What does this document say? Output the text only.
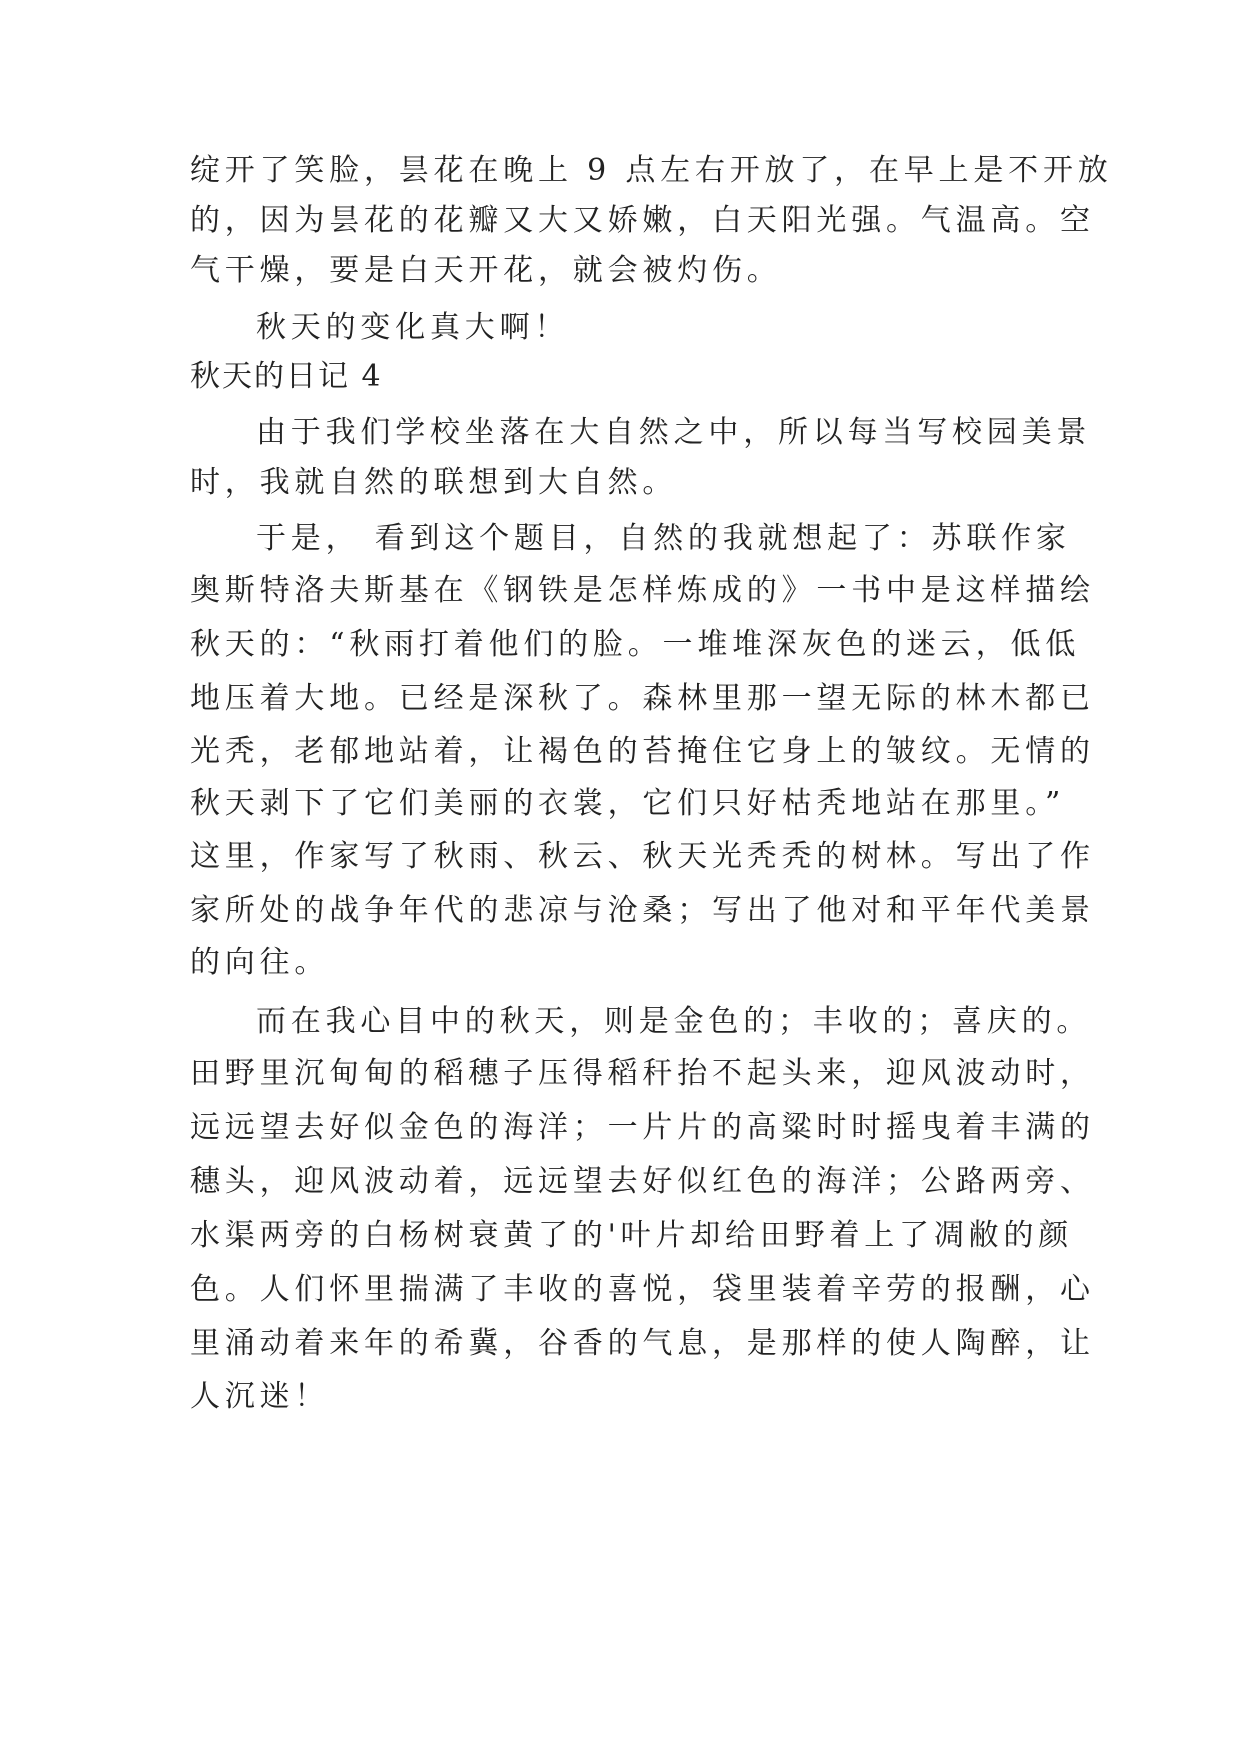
绽开了笑脸，昙花在晚上 9 点左右开放了，在早上是不开放

的，因为昙花的花瓣又大又娇嫩，白天阳光强。气温高。空

气干燥，要是白天开花，就会被灼伤。

秋天的变化真大啊！

秋天的日记 4

由于我们学校坐落在大自然之中，所以每当写校园美景

时，我就自然的联想到大自然。

于是， 看到这个题目，自然的我就想起了：苏联作家

奥斯特洛夫斯基在《钢铁是怎样炼成的》一书中是这样描绘

秋天的：“秋雨打着他们的脸。一堆堆深灰色的迷云，低低

地压着大地。已经是深秋了。森林里那一望无际的林木都已

光秃，老郁地站着，让褐色的苔掩住它身上的皱纹。无情的

秋天剥下了它们美丽的衣裳，它们只好枯秃地站在那里。”

这里，作家写了秋雨、秋云、秋天光秃秃的树林。写出了作

家所处的战争年代的悲凉与沧桑；写出了他对和平年代美景

的向往。

而在我心目中的秋天，则是金色的；丰收的；喜庆的。

田野里沉甸甸的稻穗子压得稻秆抬不起头来，迎风波动时，

远远望去好似金色的海洋；一片片的高粱时时摇曳着丰满的

穗头，迎风波动着，远远望去好似红色的海洋；公路两旁、

水渠两旁的白杨树衰黄了的'叶片却给田野着上了凋敝的颜

色。人们怀里揣满了丰收的喜悦，袋里装着辛劳的报酬，心

里涌动着来年的希冀，谷香的气息，是那样的使人陶醉，让

人沉迷！
